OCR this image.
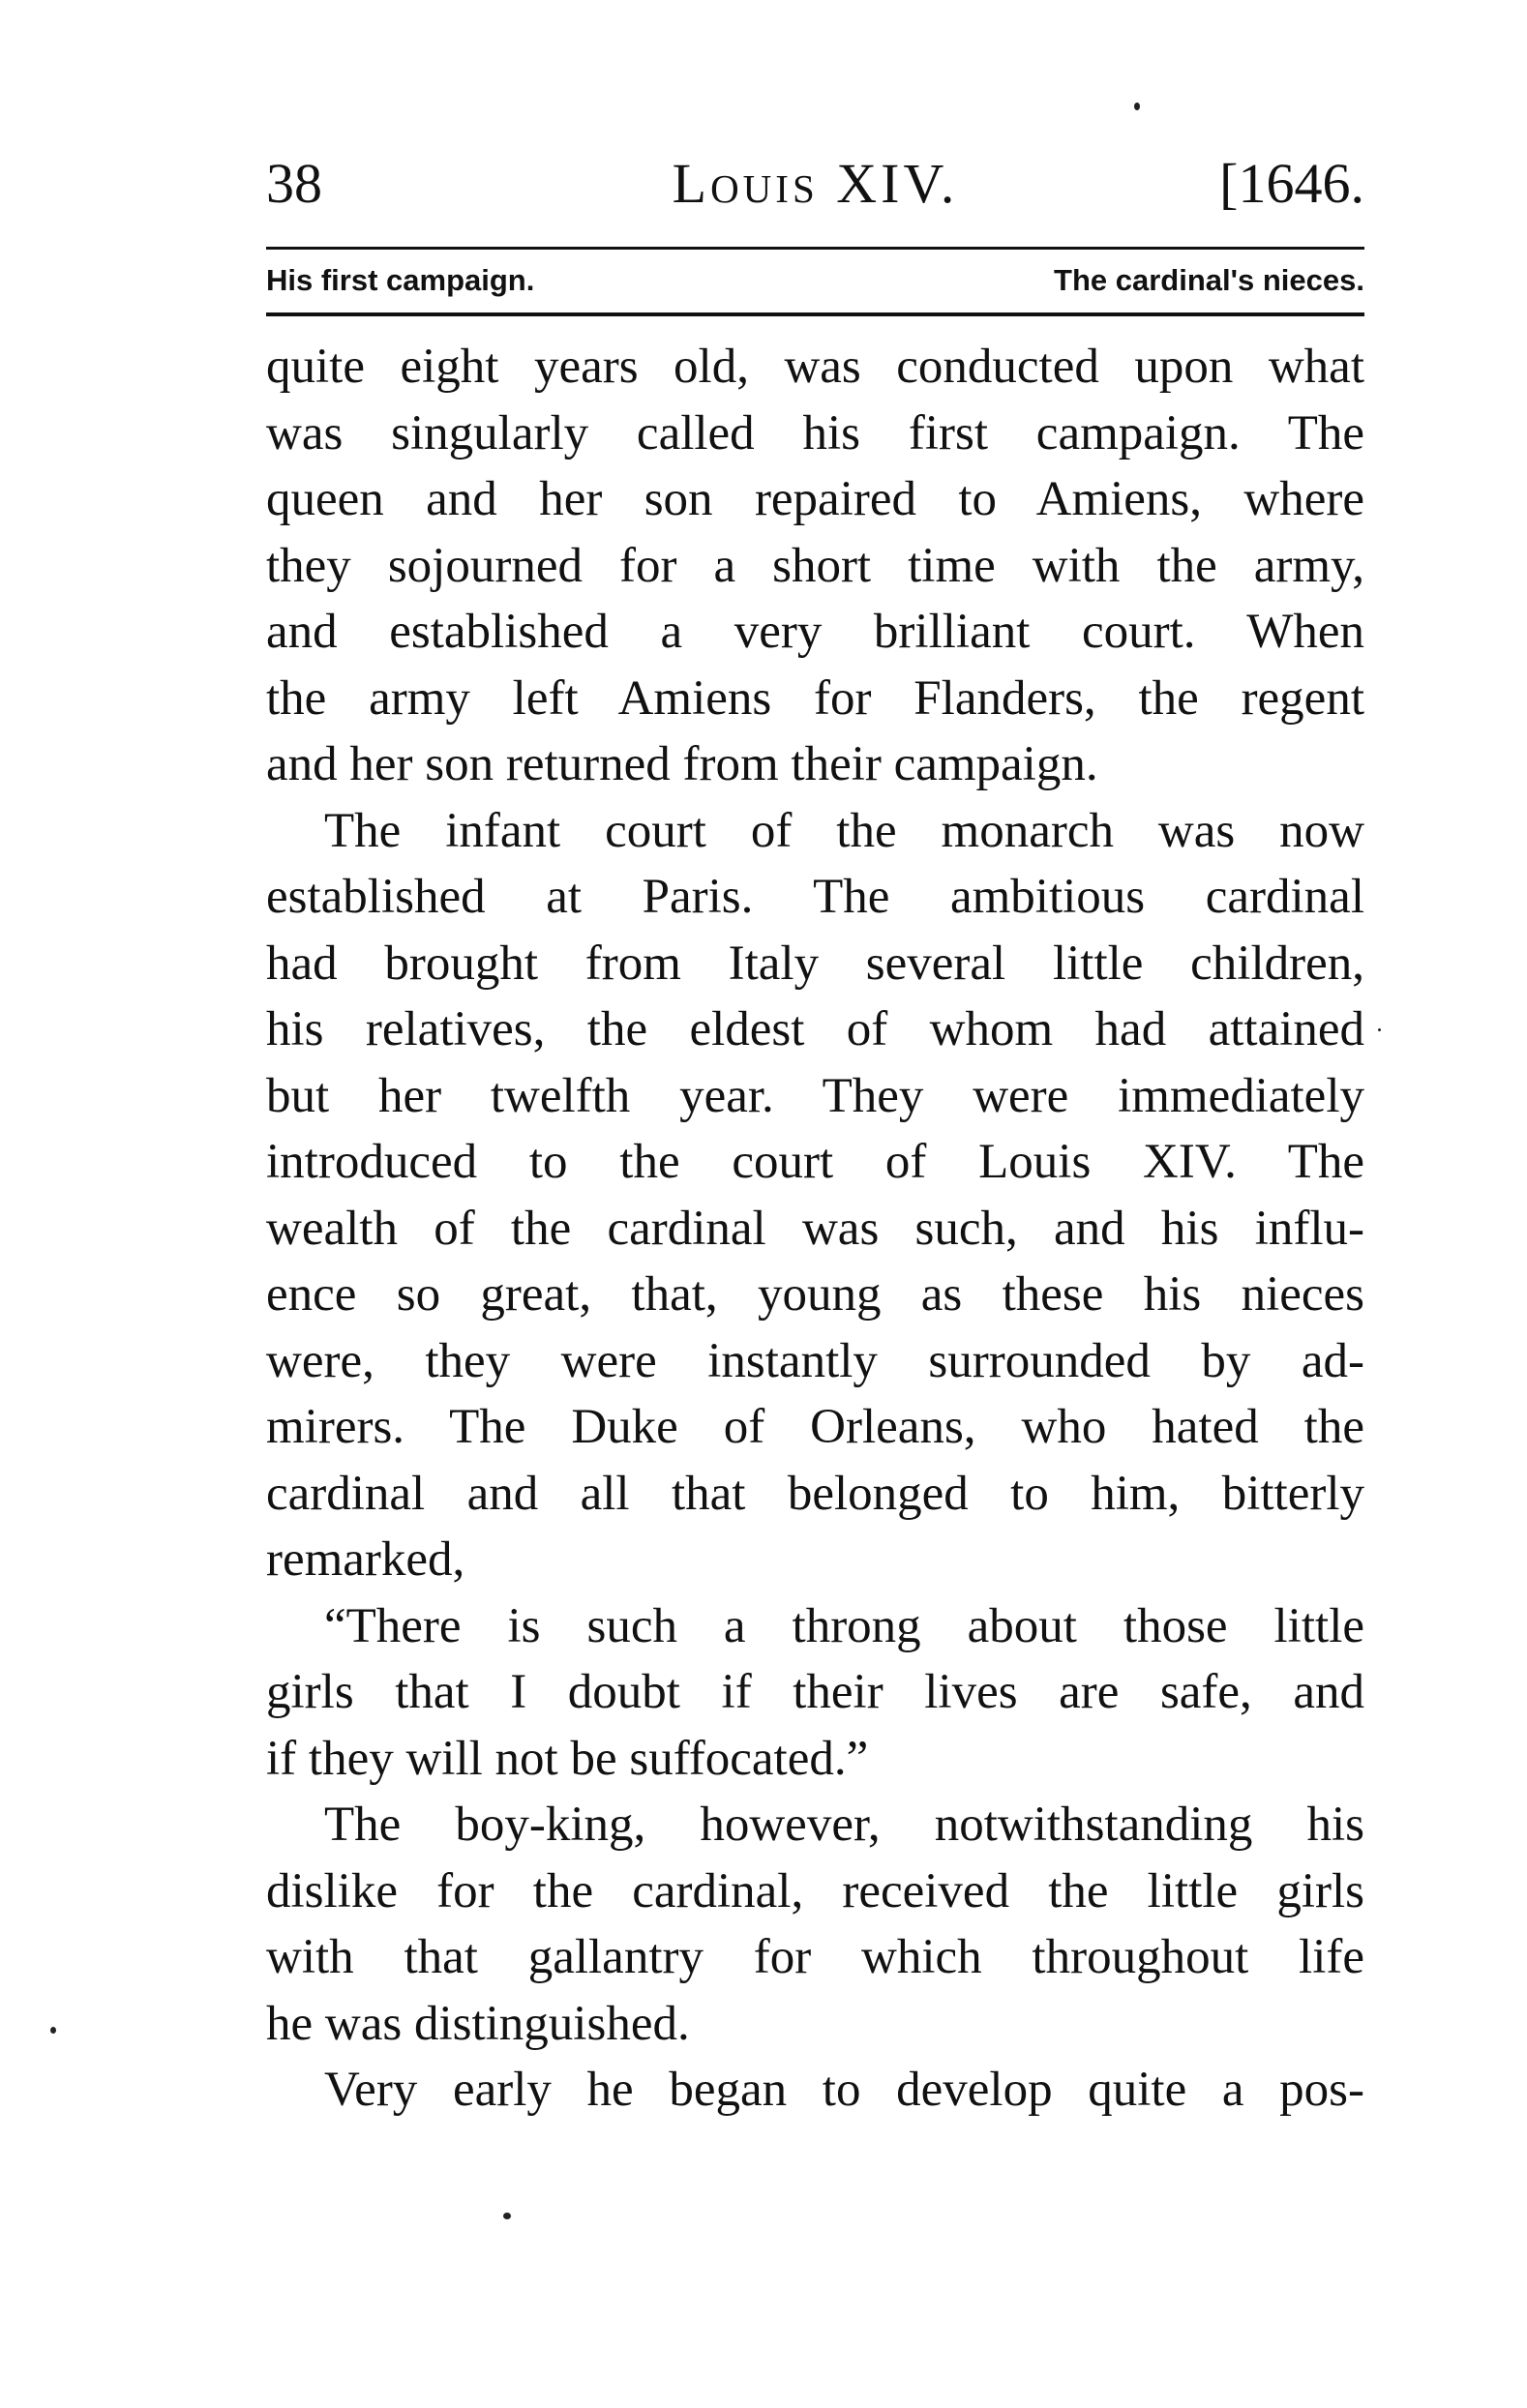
38	Louis XIV.	[1646.
His first campaign.	The cardinal's nieces.
quite eight years old, was conducted upon what
was singularly called his first campaign. The
queen and her son repaired to Amiens, where
they sojourned for a short time with the army,
and established a very brilliant court. When
the army left Amiens for Flanders, the regent
and her son returned from their campaign.
The infant court of the monarch was now
established at Paris. The ambitious cardinal
had brought from Italy several little children,
his relatives, the eldest of whom had attained
but her twelfth year. They were immediately
introduced to the court of Louis XIV. The
wealth of the cardinal was such, and his influ-
ence so great, that, young as these his nieces
were, they were instantly surrounded by ad-
mirers. The Duke of Orleans, who hated the
cardinal and all that belonged to him, bitterly
remarked,
“There is such a throng about those little
girls that I doubt if their lives are safe, and
if they will not be suffocated.”
The boy-king, however, notwithstanding his
dislike for the cardinal, received the little girls
with that gallantry for which throughout life
he was distinguished.
Very early he began to develop quite a pos-
